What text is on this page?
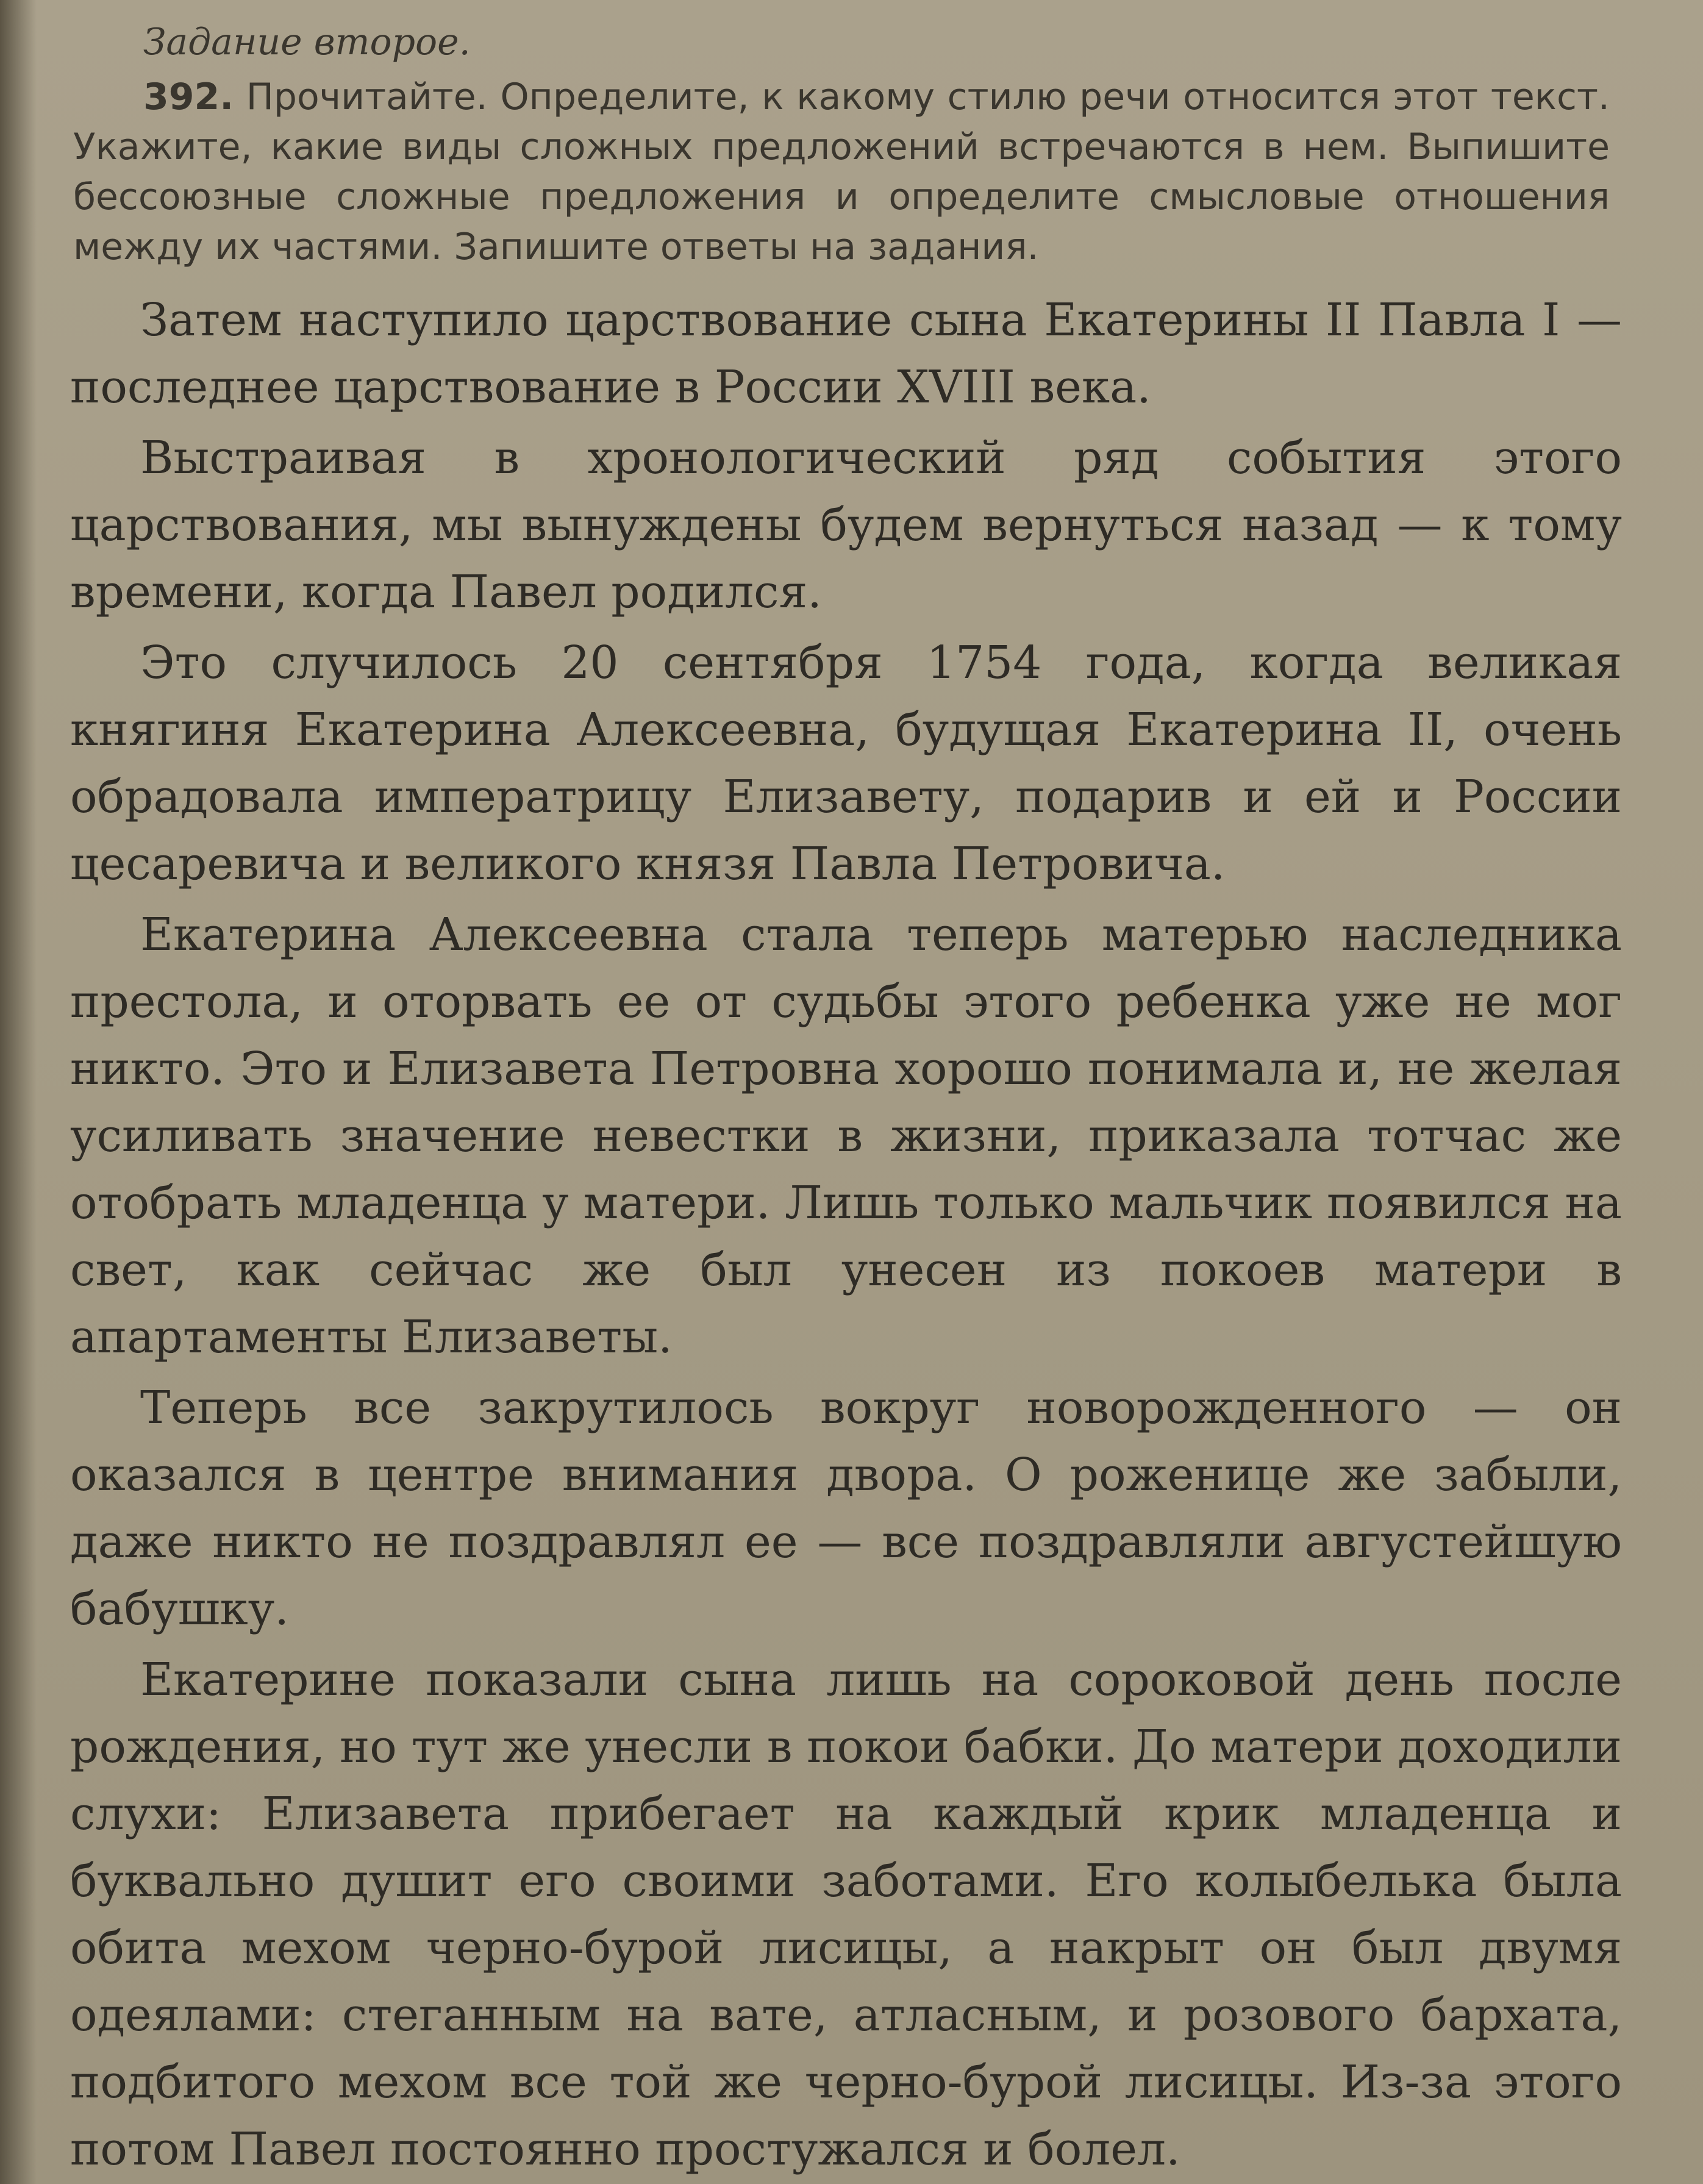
Задание второе.

392. Прочитайте. Определите, к какому стилю речи относится этот текст. Укажите, какие виды сложных предложений встречаются в нем. Выпишите бессоюзные сложные предложения и определите смысловые отношения между их частями. Запишите ответы на задания.

Затем наступило царствование сына Екатерины II Павла I — последнее царствование в России XVIII века.

Выстраивая в хронологический ряд события этого царствования, мы вынуждены будем вернуться назад — к тому времени, когда Павел родился.

Это случилось 20 сентября 1754 года, когда великая княгиня Екатерина Алексеевна, будущая Екатерина II, очень обрадовала императрицу Елизавету, подарив и ей и России цесаревича и великого князя Павла Петровича.

Екатерина Алексеевна стала теперь матерью наследника престола, и оторвать ее от судьбы этого ребенка уже не мог никто. Это и Елизавета Петровна хорошо понимала и, не желая усиливать значение невестки в жизни, приказала тотчас же отобрать младенца у матери. Лишь только мальчик появился на свет, как сейчас же был унесен из покоев матери в апартаменты Елизаветы.

Теперь все закрутилось вокруг новорожденного — он оказался в центре внимания двора. О роженице же забыли, даже никто не поздравлял ее — все поздравляли августейшую бабушку.

Екатерине показали сына лишь на сороковой день после рождения, но тут же унесли в покои бабки. До матери доходили слухи: Елизавета прибегает на каждый крик младенца и буквально душит его своими заботами. Его колыбелька была обита мехом черно-бурой лисицы, а накрыт он был двумя одеялами: стеганным на вате, атласным, и розового бархата, подбитого мехом все той же черно-бурой лисицы. Из-за этого потом Павел постоянно простужался и болел.
